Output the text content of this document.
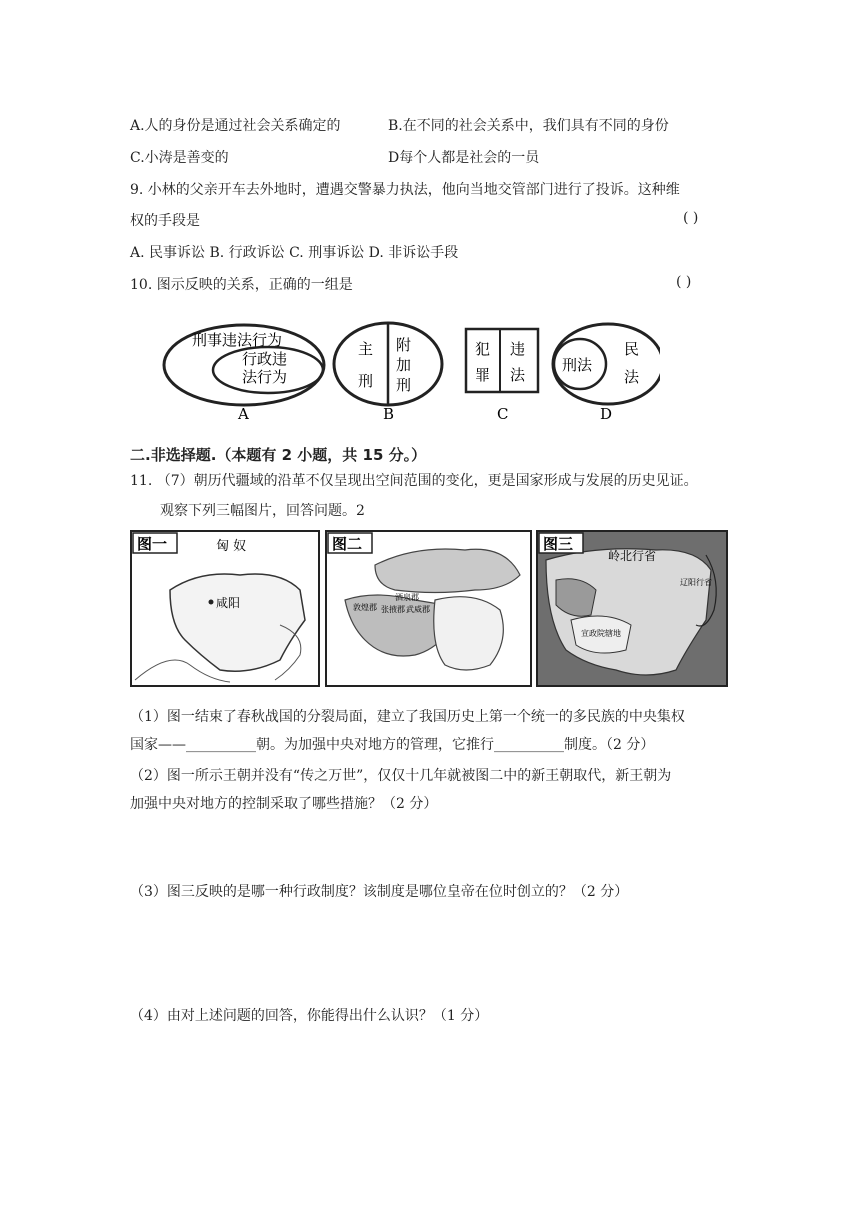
A.人的身份是通过社会关系确定的	B.在不同的社会关系中，我们具有不同的身份
C.小涛是善变的	D每个人都是社会的一员
9. 小林的父亲开车去外地时，遭遇交警暴力执法，他向当地交管部门进行了投诉。这种维
权的手段是	( )
A. 民事诉讼 B. 行政诉讼 C. 刑事诉讼 D. 非诉讼手段
10. 图示反映的关系，正确的一组是	( )
刑事违法行为
行政违
法行为
A
主
刑
附
加
刑
B
犯
罪
违
法
C
刑法
民
法
D
二.非选择题.（本题有 2 小题，共 15 分。）
11. （7）朝历代疆域的沿革不仅呈现出空间范围的变化，更是国家形成与发展的历史见证。
观察下列三幅图片，回答问题。2
图一	匈 奴
咸阳
图二
敦煌郡 张掖郡 武威郡
酒泉郡
图三
岭北行省
宣政院辖地
辽阳行省
（1）图一结束了春秋战国的分裂局面，建立了我国历史上第一个统一的多民族的中央集权
国家——__________朝。为加强中央对地方的管理，它推行__________制度。（2 分）
（2）图一所示王朝并没有“传之万世”，仅仅十几年就被图二中的新王朝取代，新王朝为
加强中央对地方的控制采取了哪些措施？（2 分）
（3）图三反映的是哪一种行政制度？该制度是哪位皇帝在位时创立的？（2 分）
（4）由对上述问题的回答，你能得出什么认识？（1 分）
